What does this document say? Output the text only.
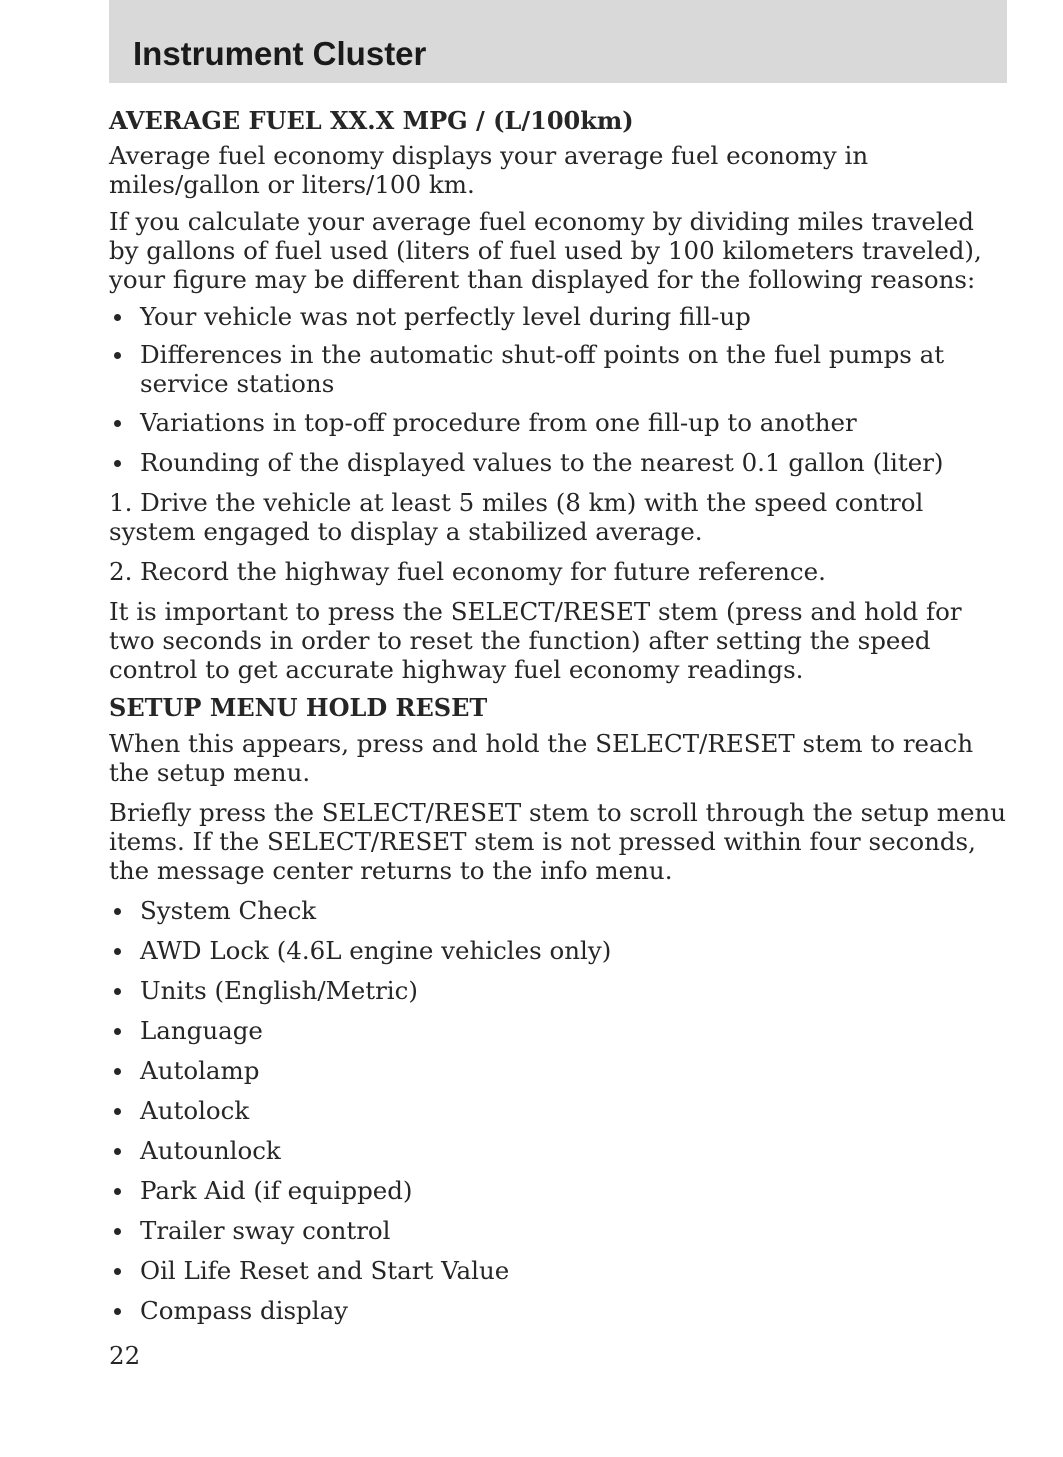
Instrument Cluster
AVERAGE FUEL XX.X MPG / (L/100km)

Average fuel economy displays your average fuel economy in miles/gallon or liters/100 km.

If you calculate your average fuel economy by dividing miles traveled by gallons of fuel used (liters of fuel used by 100 kilometers traveled), your figure may be different than displayed for the following reasons:

Your vehicle was not perfectly level during fill-up
Differences in the automatic shut-off points on the fuel pumps at service stations
Variations in top-off procedure from one fill-up to another
Rounding of the displayed values to the nearest 0.1 gallon (liter)

1. Drive the vehicle at least 5 miles (8 km) with the speed control system engaged to display a stabilized average.

2. Record the highway fuel economy for future reference.

It is important to press the SELECT/RESET stem (press and hold for two seconds in order to reset the function) after setting the speed control to get accurate highway fuel economy readings.

SETUP MENU HOLD RESET

When this appears, press and hold the SELECT/RESET stem to reach the setup menu.

Briefly press the SELECT/RESET stem to scroll through the setup menu items. If the SELECT/RESET stem is not pressed within four seconds, the message center returns to the info menu.

System Check
AWD Lock (4.6L engine vehicles only)
Units (English/Metric)
Language
Autolamp
Autolock
Autounlock
Park Aid (if equipped)
Trailer sway control
Oil Life Reset and Start Value
Compass display
22
